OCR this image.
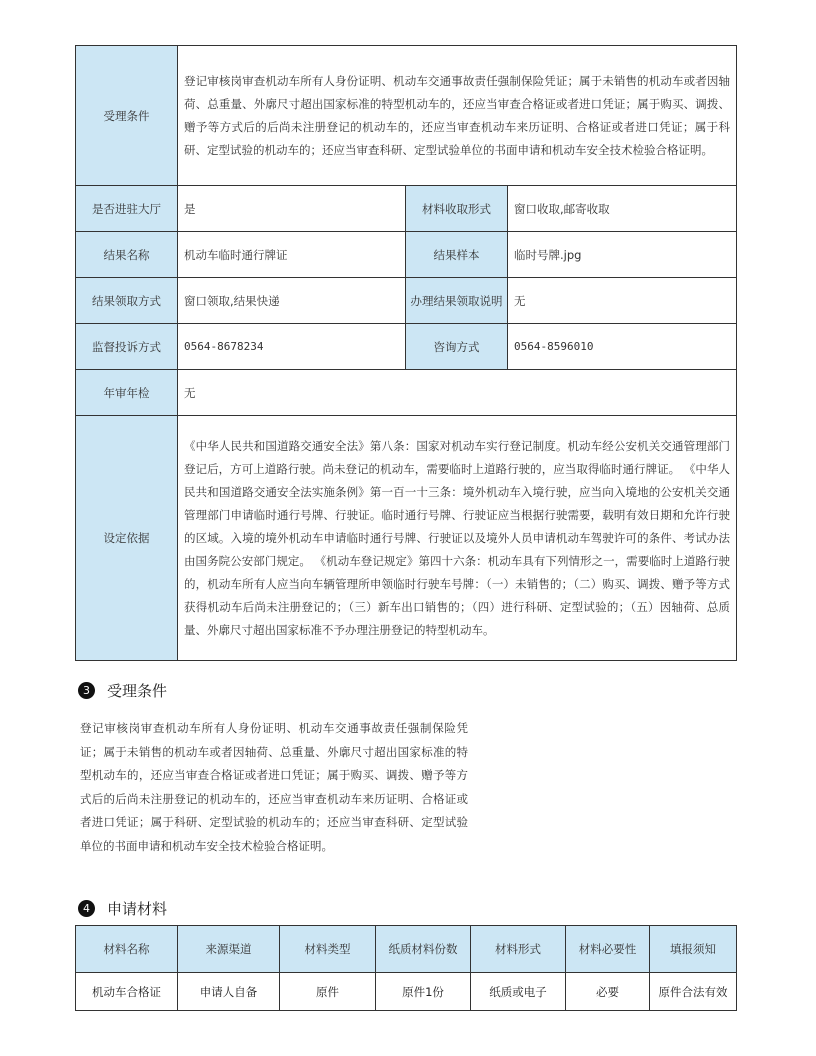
受理条件	登记审核岗审查机动车所有人身份证明、机动车交通事故责任强制保险凭证；属于未销售的机动车或者因轴荷、总重量、外廓尺寸超出国家标准的特型机动车的，还应当审查合格证或者进口凭证；属于购买、调拨、赠予等方式后的后尚未注册登记的机动车的，还应当审查机动车来历证明、合格证或者进口凭证；属于科研、定型试验的机动车的；还应当审查科研、定型试验单位的书面申请和机动车安全技术检验合格证明。		
是否进驻大厅	是	材料收取形式	窗口收取,邮寄收取
结果名称	机动车临时通行牌证	结果样本	临时号牌.jpg
结果领取方式	窗口领取,结果快递	办理结果领取说明	无
监督投诉方式	0564-8678234	咨询方式	0564-8596010
年审年检	无		
设定依据	《中华人民共和国道路交通安全法》第八条：国家对机动车实行登记制度。机动车经公安机关交通管理部门登记后，方可上道路行驶。尚未登记的机动车，需要临时上道路行驶的，应当取得临时通行牌证。 《中华人民共和国道路交通安全法实施条例》第一百一十三条：境外机动车入境行驶，应当向入境地的公安机关交通管理部门申请临时通行号牌、行驶证。临时通行号牌、行驶证应当根据行驶需要，载明有效日期和允许行驶的区域。入境的境外机动车申请临时通行号牌、行驶证以及境外人员申请机动车驾驶许可的条件、考试办法由国务院公安部门规定。 《机动车登记规定》第四十六条：机动车具有下列情形之一，需要临时上道路行驶的，机动车所有人应当向车辆管理所申领临时行驶车号牌：（一）未销售的；（二）购买、调拨、赠予等方式获得机动车后尚未注册登记的；（三）新车出口销售的；（四）进行科研、定型试验的；（五）因轴荷、总质量、外廓尺寸超出国家标准不予办理注册登记的特型机动车。		
3	受理条件
登记审核岗审查机动车所有人身份证明、机动车交通事故责任强制保险凭证；属于未销售的机动车或者因轴荷、总重量、外廓尺寸超出国家标准的特型机动车的，还应当审查合格证或者进口凭证；属于购买、调拨、赠予等方式后的后尚未注册登记的机动车的，还应当审查机动车来历证明、合格证或者进口凭证；属于科研、定型试验的机动车的；还应当审查科研、定型试验单位的书面申请和机动车安全技术检验合格证明。
4	申请材料
材料名称	来源渠道	材料类型	纸质材料份数	材料形式	材料必要性	填报须知
机动车合格证	申请人自备	原件	原件1份	纸质或电子	必要	原件合法有效
